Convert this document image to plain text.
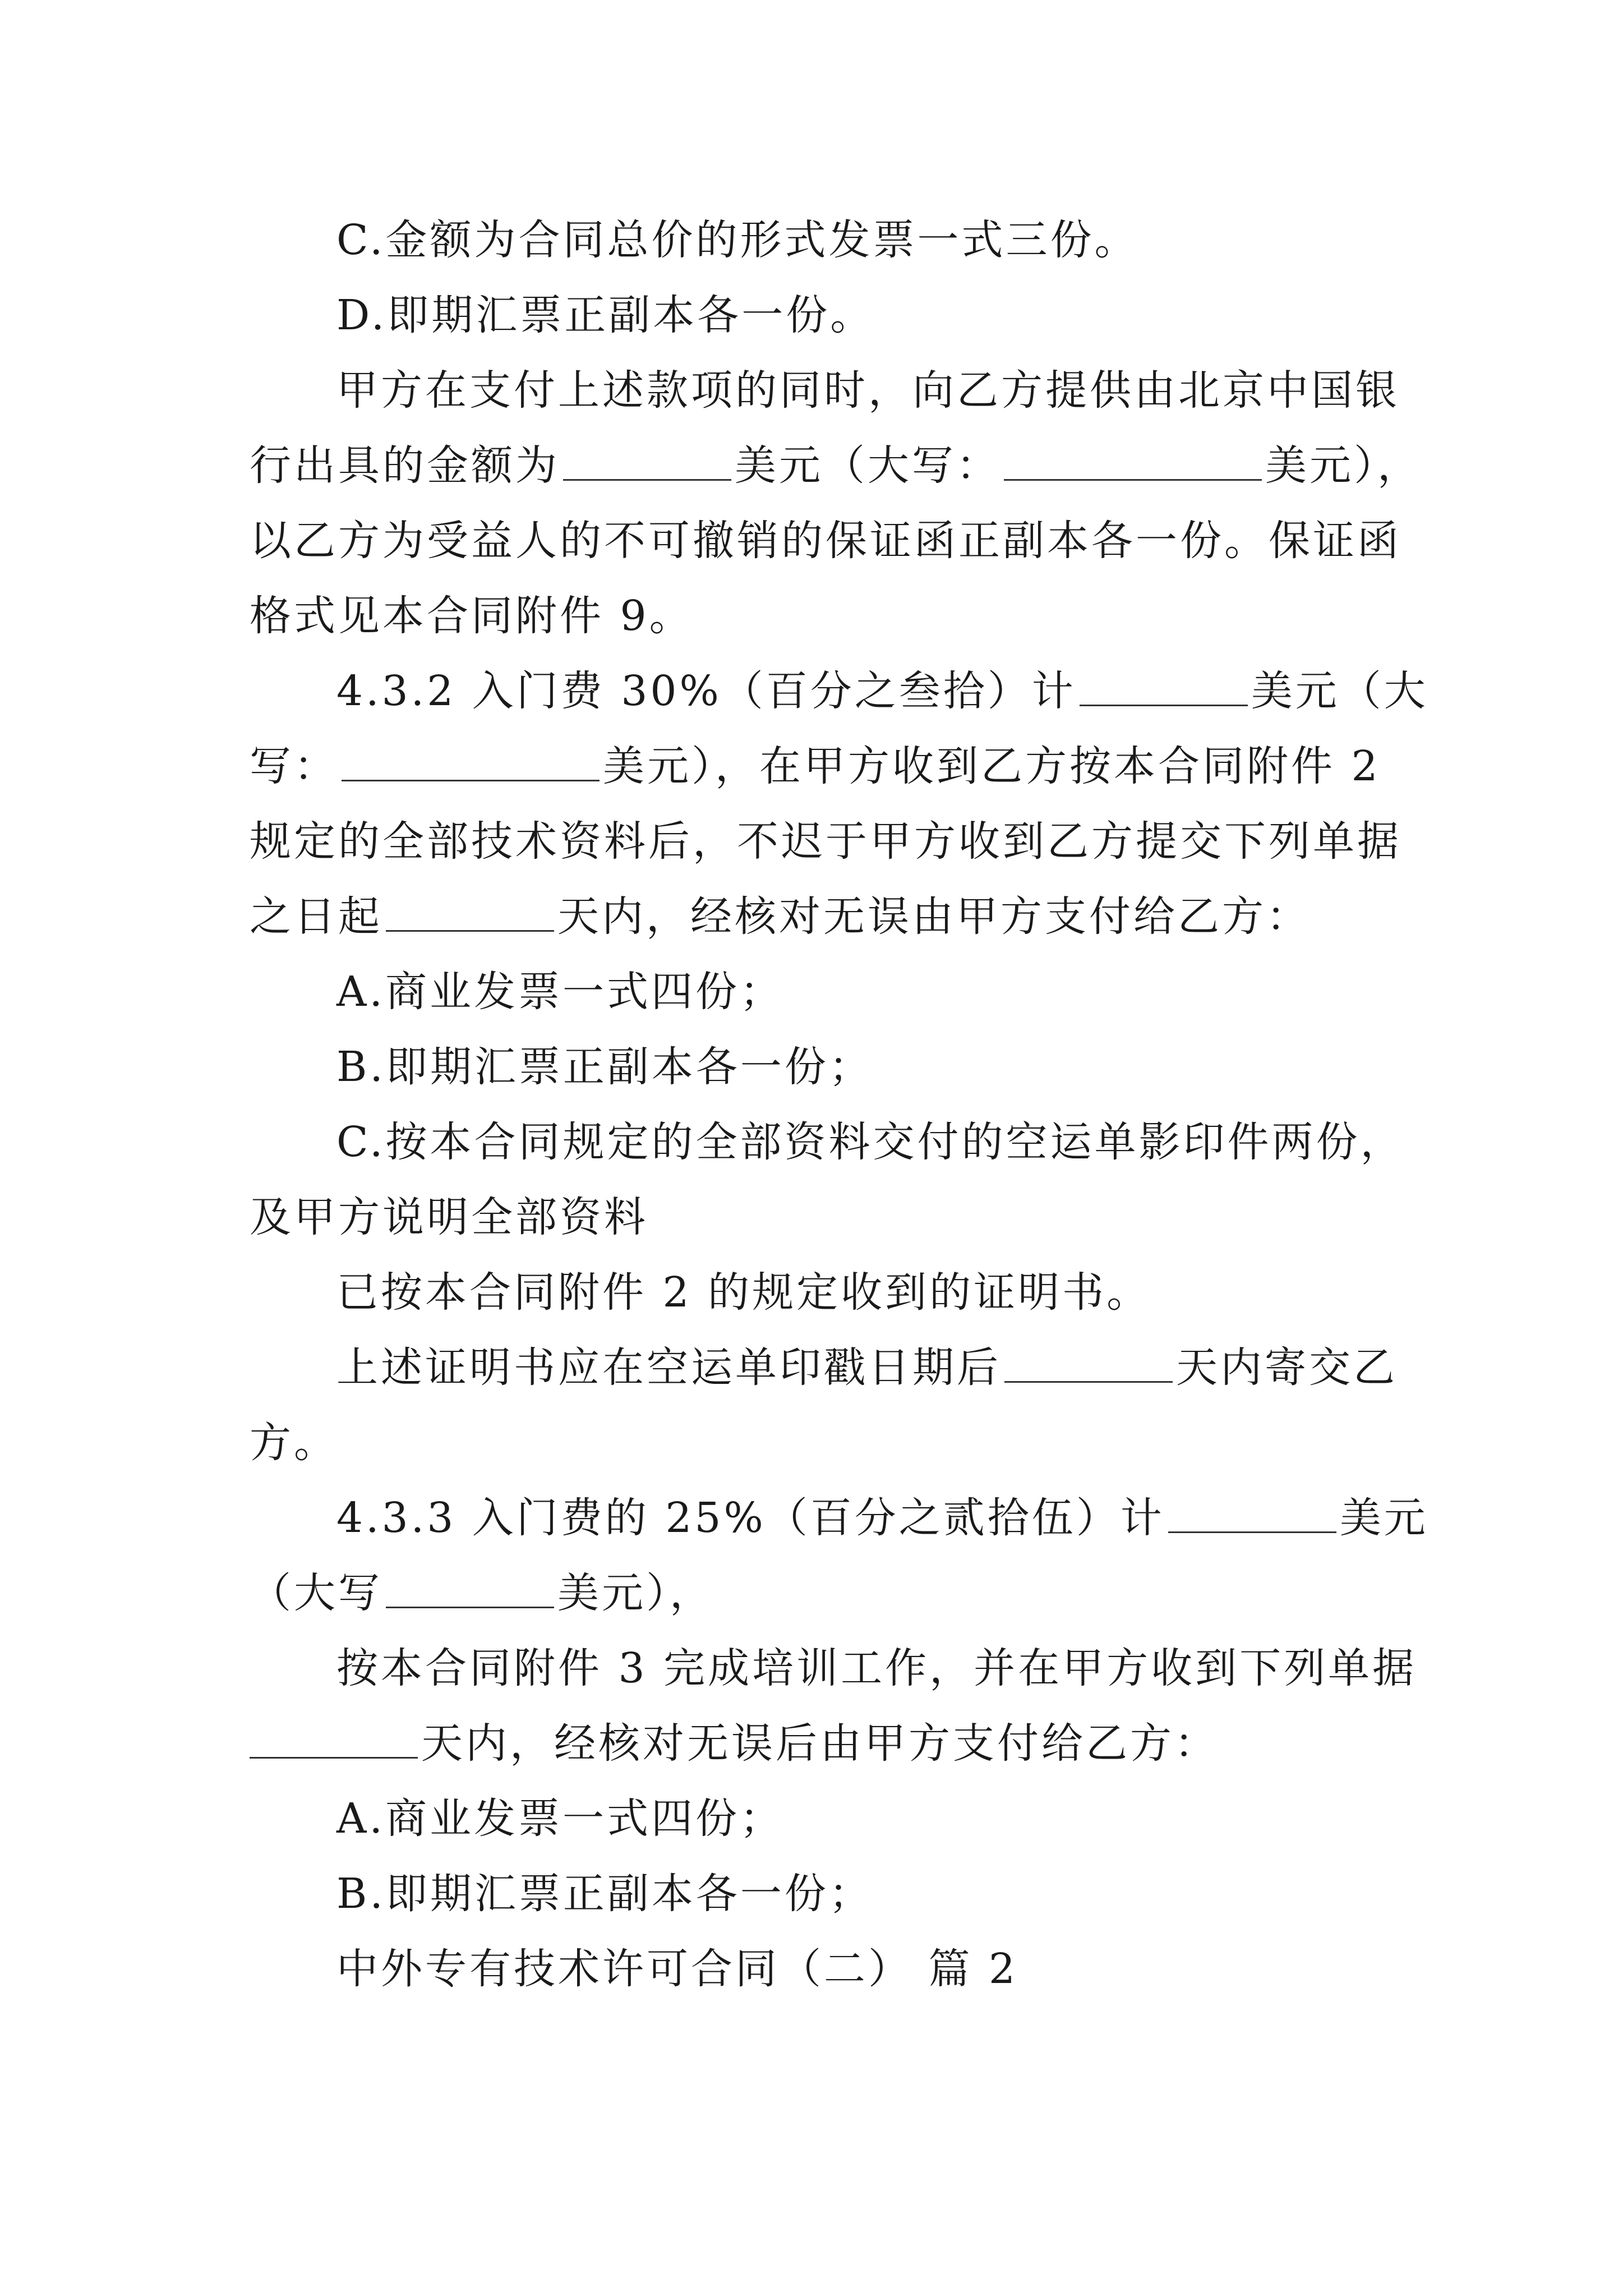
C.金额为合同总价的形式发票一式三份。
D.即期汇票正副本各一份。
甲方在支付上述款项的同时，向乙方提供由北京中国银
行出具的金额为	美元（大写：	美元），
以乙方为受益人的不可撤销的保证函正副本各一份。保证函
格式见本合同附件 9。
4.3.2 入门费 30%（百分之叁拾）计	美元（大
写：	美元），在甲方收到乙方按本合同附件 2
规定的全部技术资料后，不迟于甲方收到乙方提交下列单据
之日起	天内，经核对无误由甲方支付给乙方：
A.商业发票一式四份；
B.即期汇票正副本各一份；
C.按本合同规定的全部资料交付的空运单影印件两份，
及甲方说明全部资料
已按本合同附件 2 的规定收到的证明书。
上述证明书应在空运单印戳日期后	天内寄交乙
方。
4.3.3 入门费的 25%（百分之贰拾伍）计	美元
（大写	美元），
按本合同附件 3 完成培训工作，并在甲方收到下列单据
天内，经核对无误后由甲方支付给乙方：
A.商业发票一式四份；
B.即期汇票正副本各一份；
中外专有技术许可合同（二） 篇 2
